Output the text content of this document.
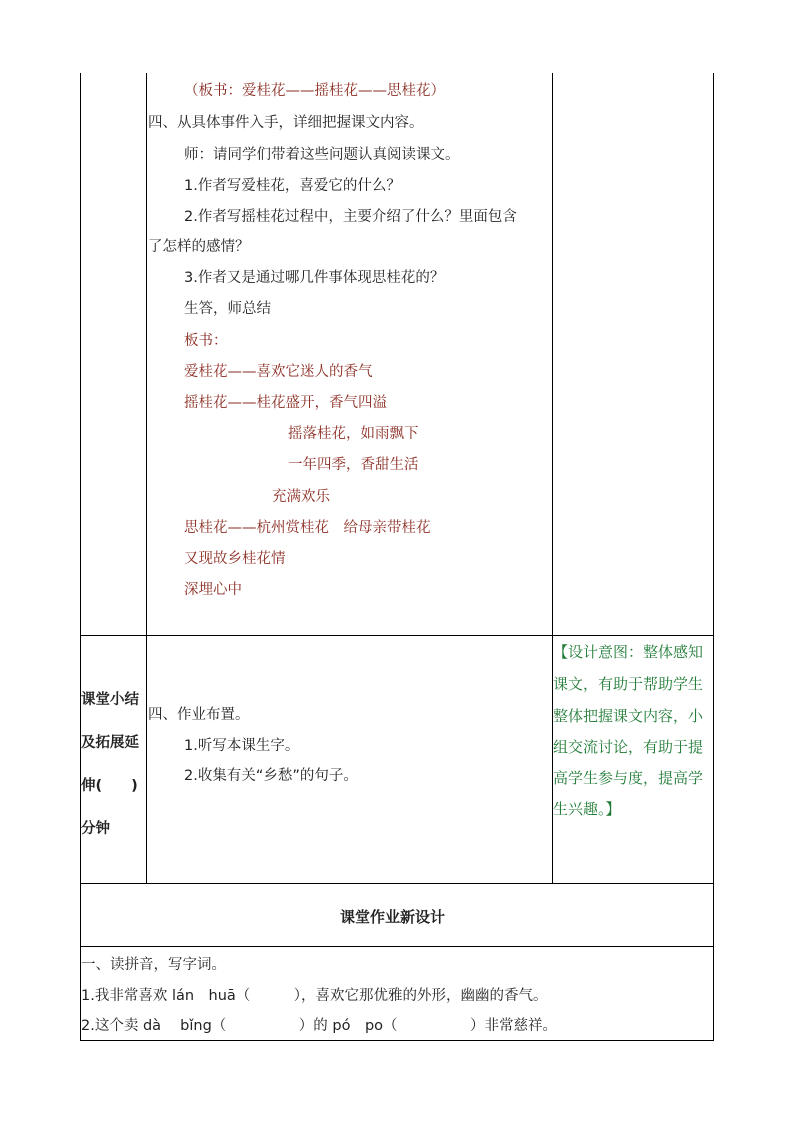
（板书：爱桂花——摇桂花——思桂花）
四、从具体事件入手，详细把握课文内容。
师：请同学们带着这些问题认真阅读课文。
1.作者写爱桂花，喜爱它的什么？
2.作者写摇桂花过程中，主要介绍了什么？里面包含
了怎样的感情？
3.作者又是通过哪几件事体现思桂花的？
生答，师总结
板书：
爱桂花——喜欢它迷人的香气
摇桂花——桂花盛开，香气四溢
摇落桂花，如雨飘下
一年四季，香甜生活
充满欢乐
思桂花——杭州赏桂花　给母亲带桂花
又现故乡桂花情
深埋心中
课堂小结
及拓展延
伸(　　)
分钟
四、作业布置。
1.听写本课生字。
2.收集有关“乡愁”的句子。
【设计意图：整体感知
课文，有助于帮助学生
整体把握课文内容，小
组交流讨论，有助于提
高学生参与度，提高学
生兴趣。】
课堂作业新设计
一、读拼音，写字词。
1.我非常喜欢 lán　huā（　　　），喜欢它那优雅的外形，幽幽的香气。
2.这个卖 dà　 bǐng（　　　　　）的 pó　po（　　　　　）非常慈祥。
